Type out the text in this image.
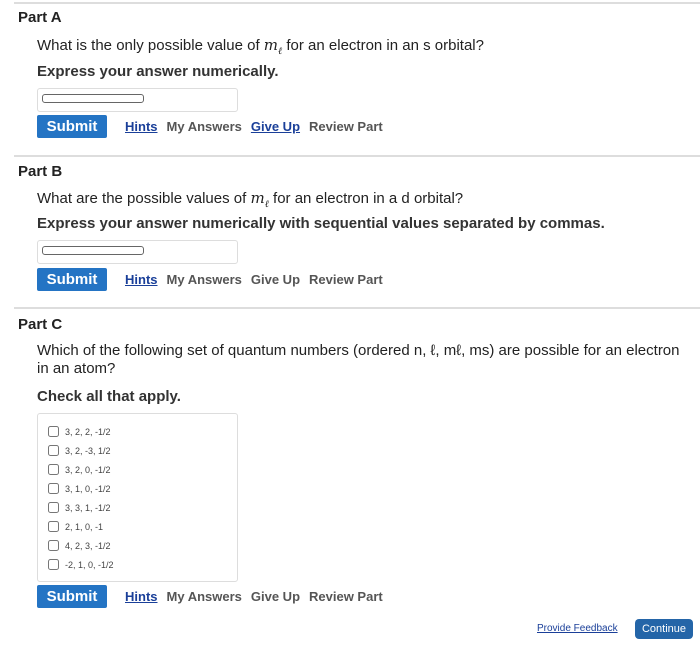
Part A
What is the only possible value of $m_\ell$ for an electron in an s orbital?
Express your answer numerically.
Submit	Hints My Answers Give Up Review Part
Part B
What are the possible values of $m_\ell$ for an electron in a d orbital?
Express your answer numerically with sequential values separated by commas.
Submit	Hints My Answers Give Up Review Part
Part C
Which of the following set of quantum numbers (ordered n, ℓ, mℓ, ms) are possible for an electron in an atom?
Check all that apply.
3, 2, 2, -1/2
3, 2, -3, 1/2
3, 2, 0, -1/2
3, 1, 0, -1/2
3, 3, 1, -1/2
2, 1, 0, -1
4, 2, 3, -1/2
-2, 1, 0, -1/2
Submit	Hints My Answers Give Up Review Part
Provide Feedback	Continue
